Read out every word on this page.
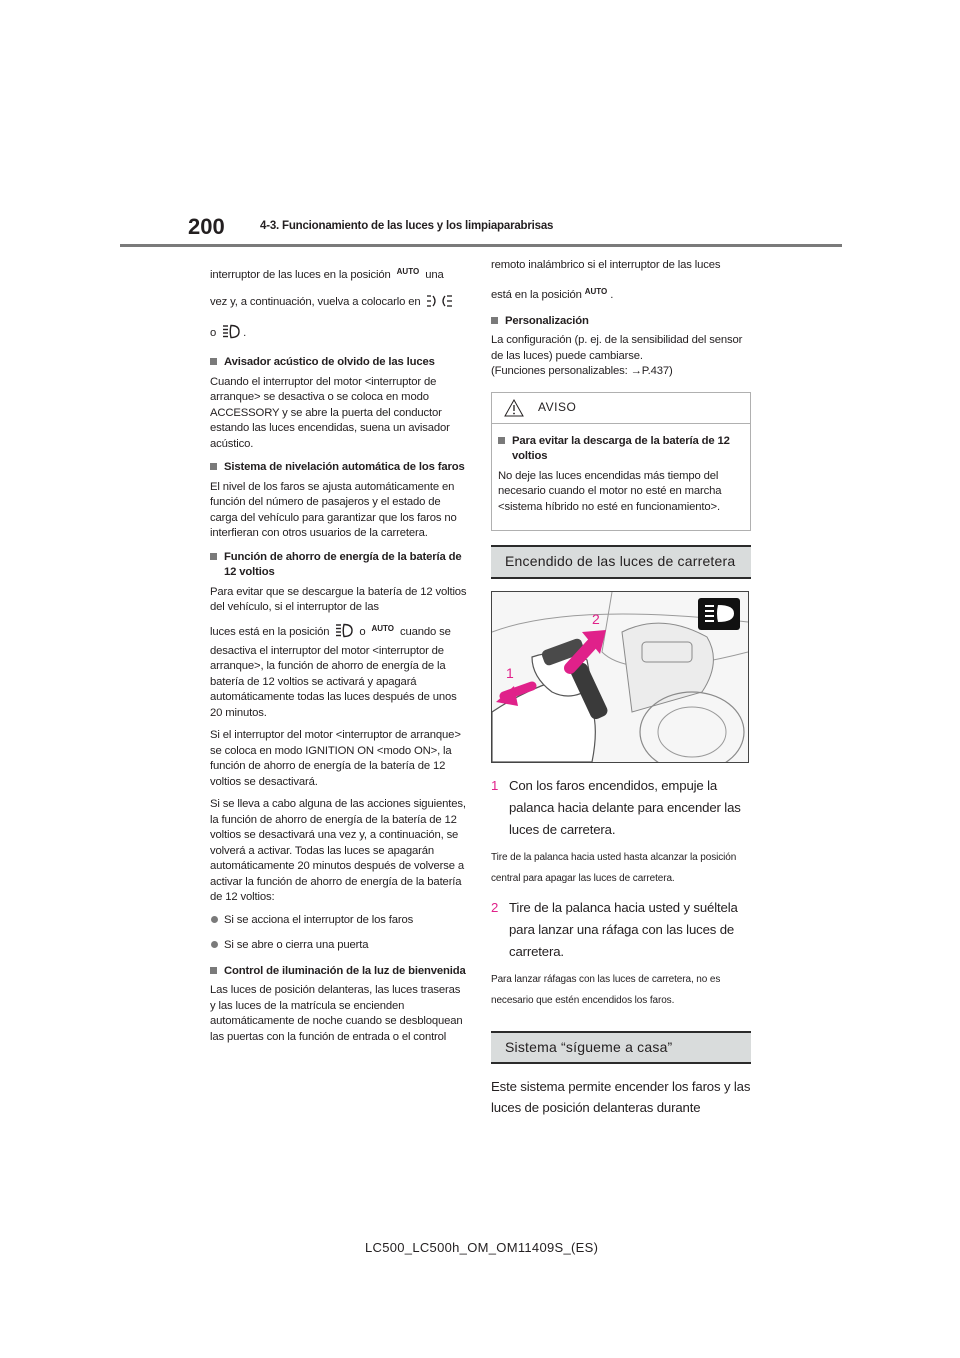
200	4-3. Funcionamiento de las luces y los limpiaparabrisas
interruptor de las luces en la posición AUTO una
vez y, a continuación, vuelva a colocarlo en
o .
Avisador acústico de olvido de las luces

Cuando el interruptor del motor <interruptor de arranque> se desactiva o se coloca en modo ACCESSORY y se abre la puerta del conductor estando las luces encendidas, suena un avisador acústico.

Sistema de nivelación automática de los faros

El nivel de los faros se ajusta automáticamente en función del número de pasajeros y el estado de carga del vehículo para garantizar que los faros no interfieran con otros usuarios de la carretera.

Función de ahorro de energía de la batería de 12 voltios

Para evitar que se descargue la batería de 12 voltios del vehículo, si el interruptor de las

luces está en la posición	o AUTO cuando se

desactiva el interruptor del motor <interruptor de arranque>, la función de ahorro de energía de la batería de 12 voltios se activará y apagará automáticamente todas las luces después de unos 20 minutos.

Si el interruptor del motor <interruptor de arranque> se coloca en modo IGNITION ON <modo ON>, la función de ahorro de energía de la batería de 12 voltios se desactivará.

Si se lleva a cabo alguna de las acciones siguientes, la función de ahorro de energía de la batería de 12 voltios se desactivará una vez y, a continuación, se volverá a activar. Todas las luces se apagarán automáticamente 20 minutos después de volverse a activar la función de ahorro de energía de la batería de 12 voltios:

Si se acciona el interruptor de los faros
Si se abre o cierra una puerta
Control de iluminación de la luz de bienvenida

Las luces de posición delanteras, las luces traseras y las luces de la matrícula se encienden automáticamente de noche cuando se desbloquean las puertas con la función de entrada o el control

remoto inalámbrico si el interruptor de las luces

está en la posición AUTO .
Personalización

La configuración (p. ej. de la sensibilidad del sensor de las luces) puede cambiarse.

(Funciones personalizables: →P.437)

AVISO
Para evitar la descarga de la batería de 12 voltios

No deje las luces encendidas más tiempo del necesario cuando el motor no esté en marcha <sistema híbrido no esté en funcionamiento>.

Encendido de las luces de carretera
2
1
1 Con los faros encendidos, empuje la palanca hacia delante para encender las luces de carretera.

Tire de la palanca hacia usted hasta alcanzar la posición central para apagar las luces de carretera.

2 Tire de la palanca hacia usted y suéltela para lanzar una ráfaga con las luces de carretera.

Para lanzar ráfagas con las luces de carretera, no es necesario que estén encendidos los faros.

Sistema “sígueme a casa”

Este sistema permite encender los faros y las luces de posición delanteras durante

LC500_LC500h_OM_OM11409S_(ES)
